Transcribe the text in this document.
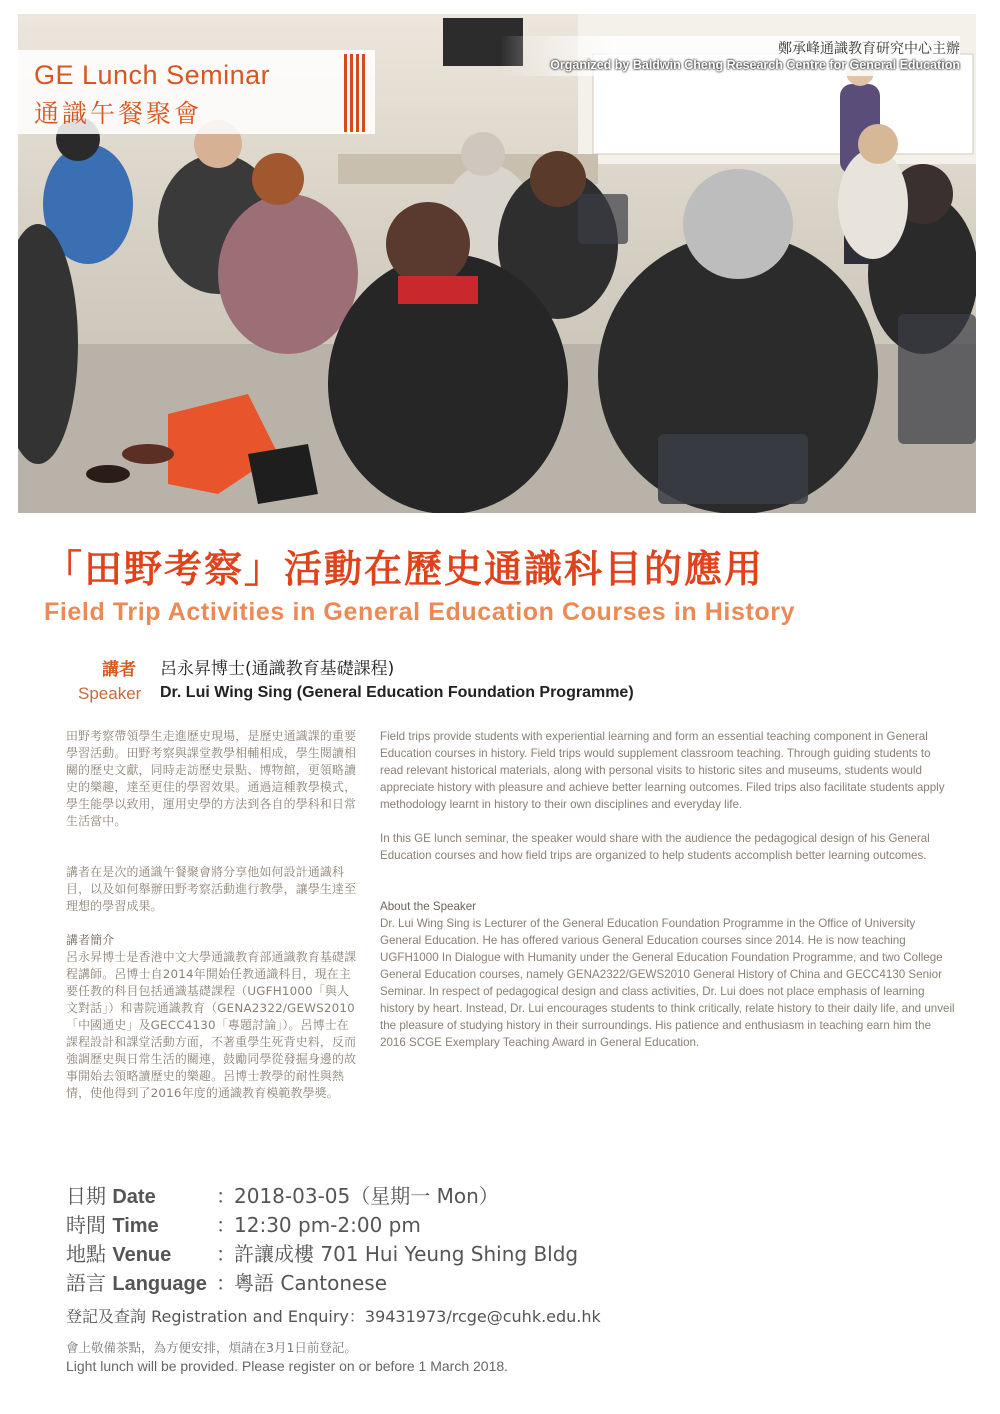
鄭承峰通識教育研究中心主辦
Organized by Baldwin Cheng Research Centre for General Education
GE Lunch Seminar
通識午餐聚會
「田野考察」活動在歷史通識科目的應用
Field Trip Activities in General Education Courses in History
講者 呂永昇博士(通識教育基礎課程)
Speaker Dr. Lui Wing Sing (General Education Foundation Programme)

田野考察帶領學生走進歷史現場，是歷史通識課的重要學習活動。田野考察與課堂教學相輔相成，學生閱讀相關的歷史文獻，同時走訪歷史景點、博物館，更領略讀史的樂趣，達至更佳的學習效果。通過這種教學模式，學生能學以致用，運用史學的方法到各自的學科和日常生活當中。

講者在是次的通識午餐聚會將分享他如何設計通識科目，以及如何舉辦田野考察活動進行教學，讓學生達至理想的學習成果。

講者簡介

呂永昇博士是香港中文大學通識教育部通識教育基礎課程講師。呂博士自2014年開始任教通識科目，現在主要任教的科目包括通識基礎課程（UGFH1000「與人文對話」）和書院通識教育（GENA2322/GEWS2010「中國通史」及GECC4130「專題討論」）。呂博士在課程設計和課堂活動方面，不著重學生死背史料，反而強調歷史與日常生活的關連，鼓勵同學從發掘身邊的故事開始去領略讀歷史的樂趣。呂博士教學的耐性與熱情，使他得到了2016年度的通識教育模範教學獎。

Field trips provide students with experiential learning and form an essential teaching component in General Education courses in history. Field trips would supplement classroom teaching. Through guiding students to read relevant historical materials, along with personal visits to historic sites and museums, students would appreciate history with pleasure and achieve better learning outcomes. Filed trips also facilitate students apply methodology learnt in history to their own disciplines and everyday life.

In this GE lunch seminar, the speaker would share with the audience the pedagogical design of his General Education courses and how field trips are organized to help students accomplish better learning outcomes.

About the Speaker

Dr. Lui Wing Sing is Lecturer of the General Education Foundation Programme in the Office of University General Education. He has offered various General Education courses since 2014. He is now teaching UGFH1000 In Dialogue with Humanity under the General Education Foundation Programme, and two College General Education courses, namely GENA2322/GEWS2010 General History of China and GECC4130 Senior Seminar. In respect of pedagogical design and class activities, Dr. Lui does not place emphasis of learning history by heart. Instead, Dr. Lui encourages students to think critically, relate history to their daily life, and unveil the pleasure of studying history in their surroundings. His patience and enthusiasm in teaching earn him the 2016 SCGE Exemplary Teaching Award in General Education.

日期 Date	：2018-03-05（星期一 Mon）
時間 Time	：12:30 pm-2:00 pm
地點 Venue ：許讓成樓 701 Hui Yeung Shing Bldg
語言 Language ：粵語 Cantonese
登記及查詢 Registration and Enquiry：39431973/rcge@cuhk.edu.hk
會上敬備茶點，為方便安排，煩請在3月1日前登記。
Light lunch will be provided. Please register on or before 1 March 2018.
